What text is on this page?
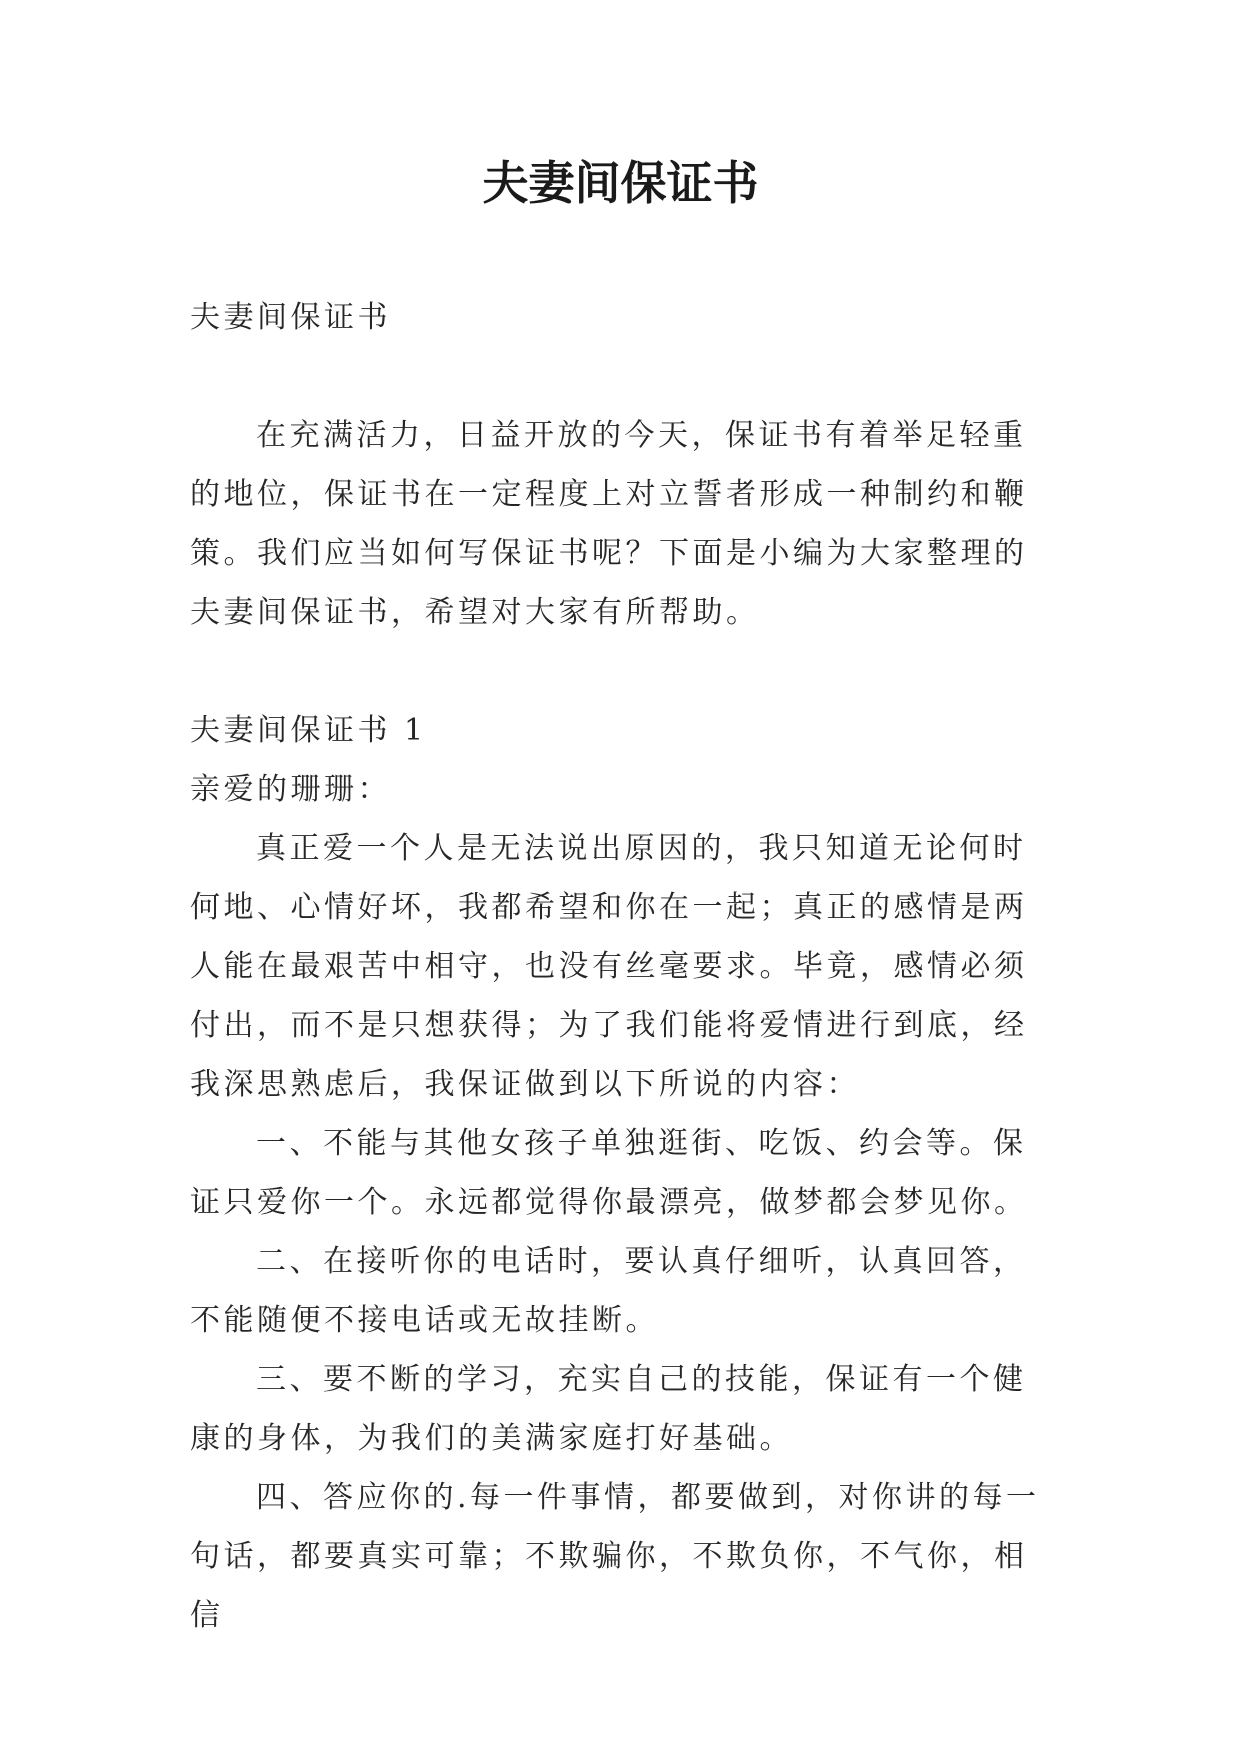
夫妻间保证书

夫妻间保证书

在充满活力，日益开放的今天，保证书有着举足轻重的地位，保证书在一定程度上对立誓者形成一种制约和鞭策。我们应当如何写保证书呢？下面是小编为大家整理的夫妻间保证书，希望对大家有所帮助。

夫妻间保证书 1

亲爱的珊珊：

真正爱一个人是无法说出原因的，我只知道无论何时何地、心情好坏，我都希望和你在一起；真正的感情是两人能在最艰苦中相守，也没有丝毫要求。毕竟，感情必须付出，而不是只想获得；为了我们能将爱情进行到底，经我深思熟虑后，我保证做到以下所说的内容：

一、不能与其他女孩子单独逛街、吃饭、约会等。保证只爱你一个。永远都觉得你最漂亮，做梦都会梦见你。

二、在接听你的电话时，要认真仔细听，认真回答，不能随便不接电话或无故挂断。

三、要不断的学习，充实自己的技能，保证有一个健康的身体，为我们的美满家庭打好基础。

四、答应你的.每一件事情，都要做到，对你讲的每一句话，都要真实可靠；不欺骗你，不欺负你，不气你，相信
